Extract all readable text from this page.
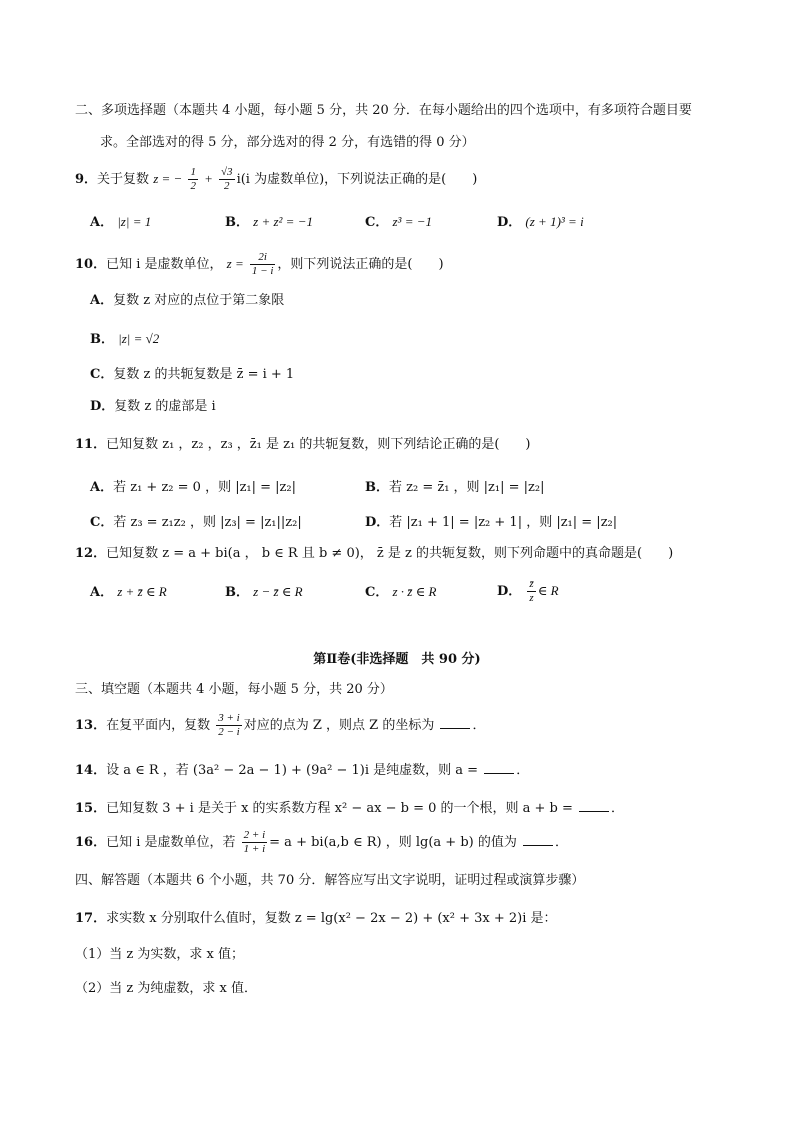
二、多项选择题（本题共 4 小题，每小题 5 分，共 20 分．在每小题给出的四个选项中，有多项符合题目要
求。全部选对的得 5 分，部分选对的得 2 分，有选错的得 0 分）
9．关于复数 z = − $\frac{1}{2} + \frac{√3}{2} i(i$ 为虚数单位)，下列说法正确的是(　　)
A． |z| = 1	B． z + z² = −1	C． z³ = −1	D． (z + 1)³ = i
10．已知 i 是虚数单位， $z = \frac{2i}{1 - i}$ ，则下列说法正确的是(　　)
A．复数 z 对应的点位于第二象限
B． |z| = √2
C．复数 z 的共轭复数是 z̄ = i + 1
D．复数 z 的虚部是 i
11．已知复数 z₁ ，z₂ ，z₃ ，z̄₁ 是 z₁ 的共轭复数，则下列结论正确的是(　　)
A．若 z₁ + z₂ = 0 ，则 |z₁| = |z₂|	B．若 z₂ = z̄₁ ，则 |z₁| = |z₂|
C．若 z₃ = z₁z₂ ，则 |z₃| = |z₁||z₂|	D．若 |z₁ + 1| = |z₂ + 1| ，则 |z₁| = |z₂|
12．已知复数 z = a + bi(a ， b ∈ R 且 b ≠ 0)， z̄ 是 z 的共轭复数，则下列命题中的真命题是(　　)
A． z + z̄ ∈ R	B． z − z̄ ∈ R	C． z · z̄ ∈ R	D． $\frac{z̄}{z}$ ∈ R
第Ⅱ卷(非选择题　共 90 分)
三、填空题（本题共 4 小题，每小题 5 分，共 20 分）
13．在复平面内，复数 $\frac{3 + i}{2 - i}$ 对应的点为 Z ，则点 Z 的坐标为	．
14．设 a ∈ R ，若 (3a² − 2a − 1) + (9a² − 1)i 是纯虚数，则 a =	．
15．已知复数 3 + i 是关于 x 的实系数方程 x² − ax − b = 0 的一个根，则 a + b =	．
16．已知 i 是虚数单位，若 $\frac{2 + i}{1 + i} = a + bi(a,b$ ∈ R) ，则 lg(a + b) 的值为	．
四、解答题（本题共 6 个小题，共 70 分．解答应写出文字说明，证明过程或演算步骤）
17．求实数 x 分别取什么值时，复数 z = lg(x² − 2x − 2) + (x² + 3x + 2)i 是：
（1）当 z 为实数，求 x 值；
（2）当 z 为纯虚数，求 x 值．
